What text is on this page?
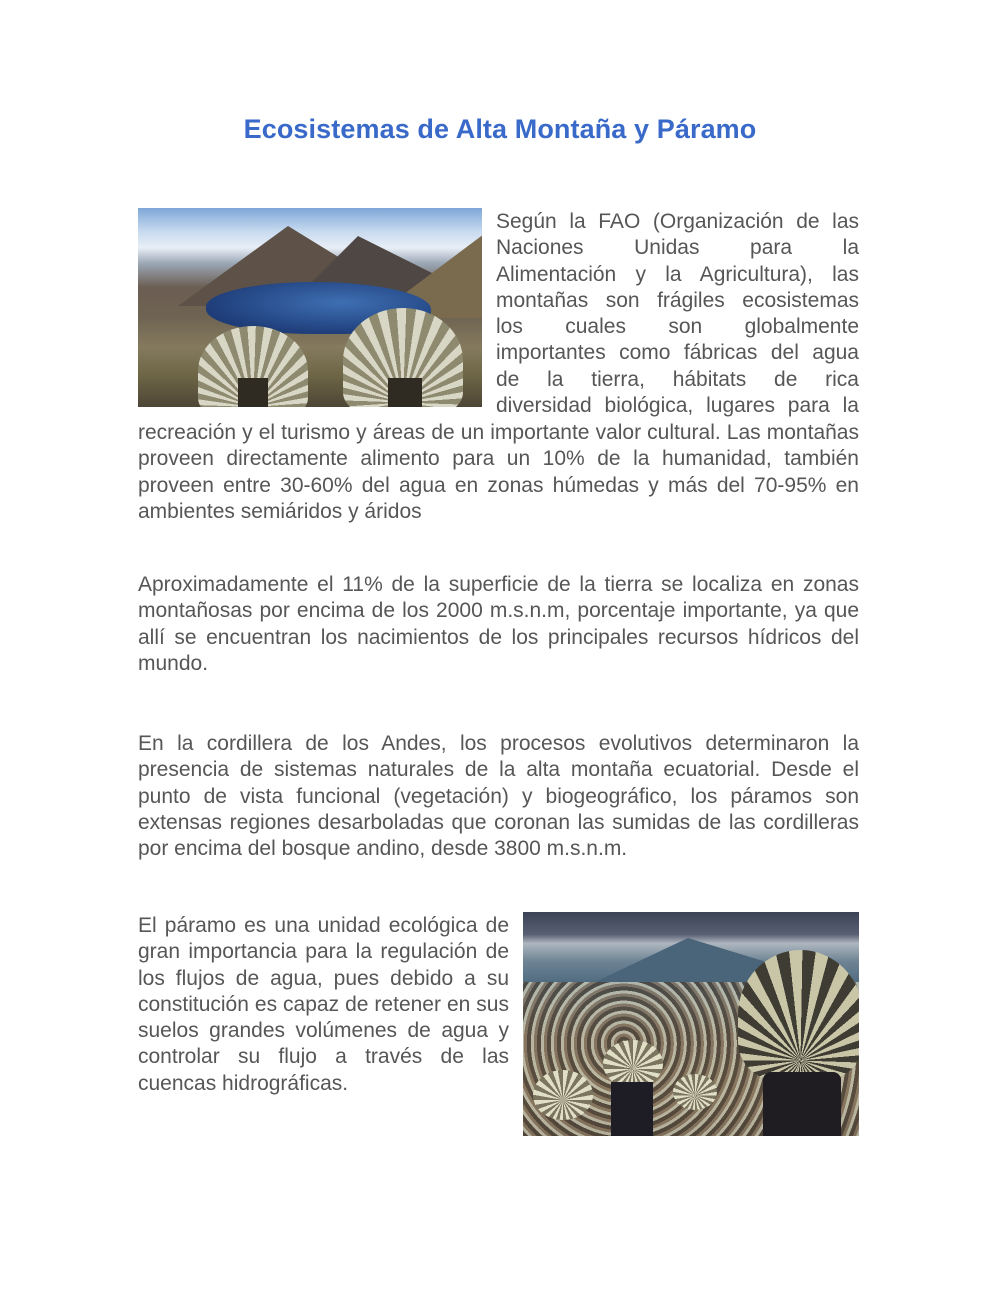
Ecosistemas de Alta Montaña y Páramo
Según la FAO (Organización de las
Naciones Unidas para la
Alimentación y la Agricultura), las
montañas son frágiles ecosistemas
los cuales son globalmente
importantes como fábricas del agua
de la tierra, hábitats de rica
diversidad biológica, lugares para la

recreación y el turismo y áreas de un importante valor cultural. Las montañas proveen directamente alimento para un 10% de la humanidad, también proveen entre 30-60% del agua en zonas húmedas y más del 70-95% en ambientes semiáridos y áridos

Aproximadamente el 11% de la superficie de la tierra se localiza en zonas montañosas por encima de los 2000 m.s.n.m, porcentaje importante, ya que allí se encuentran los nacimientos de los principales recursos hídricos del mundo.

En la cordillera de los Andes, los procesos evolutivos determinaron la presencia de sistemas naturales de la alta montaña ecuatorial. Desde el punto de vista funcional (vegetación) y biogeográfico, los páramos son extensas regiones desarboladas que coronan las sumidas de las cordilleras por encima del bosque andino, desde 3800 m.s.n.m.

El páramo es una unidad ecológica de gran importancia para la regulación de los flujos de agua, pues debido a su constitución es capaz de retener en sus suelos grandes volúmenes de agua y controlar su flujo a través de las cuencas hidrográficas.
